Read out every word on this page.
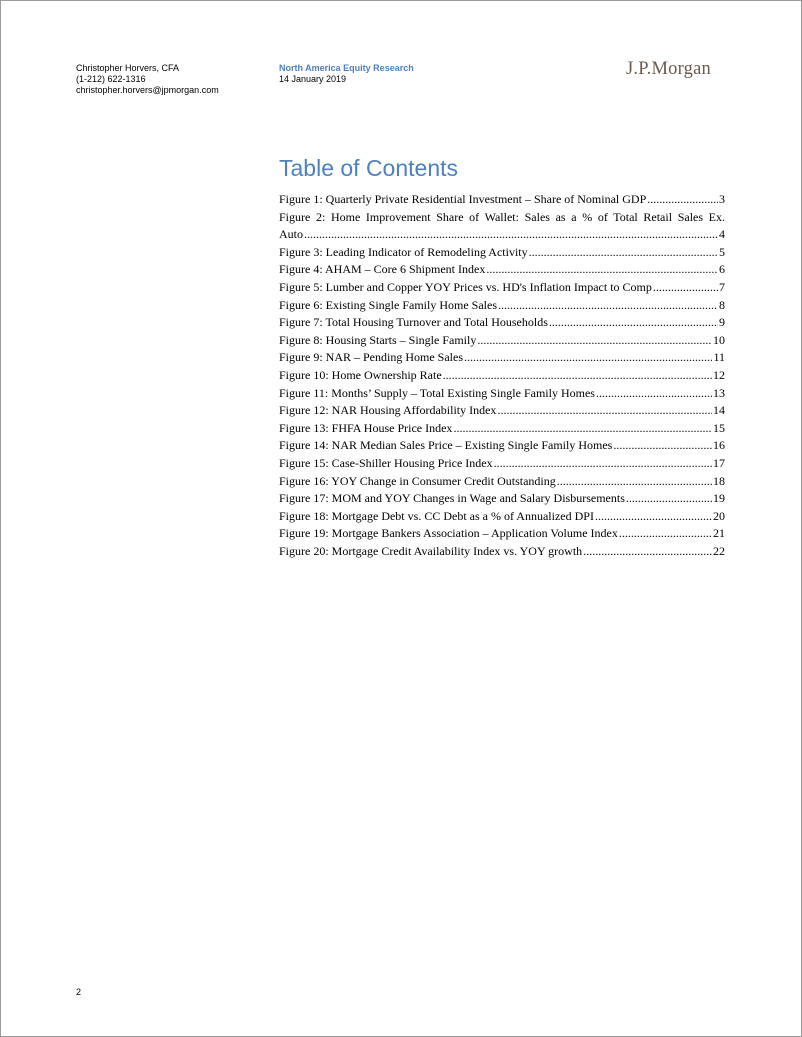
Christopher Horvers, CFA
(1-212) 622-1316
christopher.horvers@jpmorgan.com
North America Equity Research
14 January 2019	J.P.Morgan
Table of Contents
Figure 1: Quarterly Private Residential Investment – Share of Nominal GDP .....	3
Figure 2: Home Improvement Share of Wallet: Sales as a % of Total Retail Sales Ex.
Auto .....	4
Figure 3: Leading Indicator of Remodeling Activity .....	5
Figure 4: AHAM – Core 6 Shipment Index .....	6
Figure 5: Lumber and Copper YOY Prices vs. HD's Inflation Impact to Comp .....	7
Figure 6: Existing Single Family Home Sales .....	8
Figure 7: Total Housing Turnover and Total Households .....	9
Figure 8: Housing Starts – Single Family .....	10
Figure 9: NAR – Pending Home Sales .....	11
Figure 10: Home Ownership Rate .....	12
Figure 11: Months’ Supply – Total Existing Single Family Homes .....	13
Figure 12: NAR Housing Affordability Index .....	14
Figure 13: FHFA House Price Index .....	15
Figure 14: NAR Median Sales Price – Existing Single Family Homes .....	16
Figure 15: Case-Shiller Housing Price Index .....	17
Figure 16: YOY Change in Consumer Credit Outstanding .....	18
Figure 17: MOM and YOY Changes in Wage and Salary Disbursements .....	19
Figure 18: Mortgage Debt vs. CC Debt as a % of Annualized DPI .....	20
Figure 19: Mortgage Bankers Association – Application Volume Index .....	21
Figure 20: Mortgage Credit Availability Index vs. YOY growth .....	22
2
